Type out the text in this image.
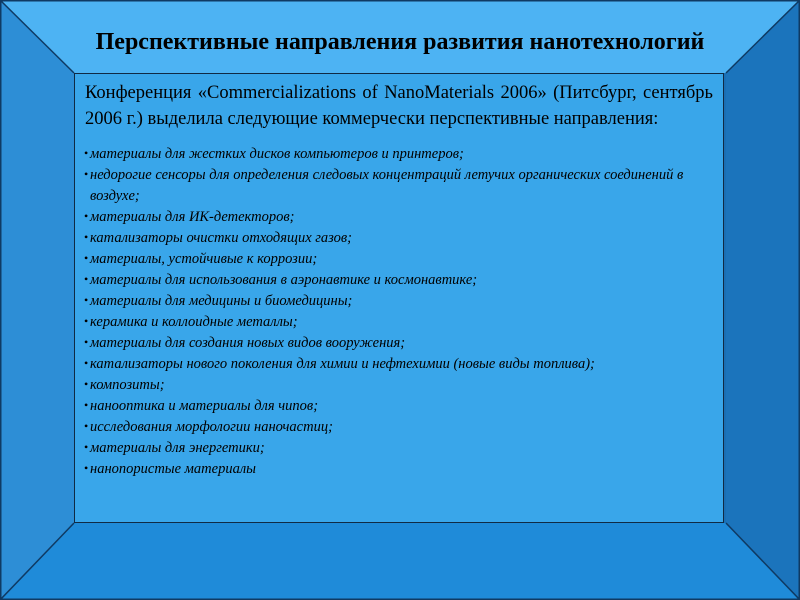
Перспективные направления развития нанотехнологий

Конференция «Commercializations of NanoMaterials 2006» (Питсбург, сентябрь 2006 г.) выделила следующие коммерчески перспективные направления:

• материалы для жестких дисков компьютеров и принтеров;
• недорогие сенсоры для определения следовых концентраций летучих органических соединений в воздухе;
• материалы для ИК-детекторов;
• катализаторы очистки отходящих газов;
• материалы, устойчивые к коррозии;
• материалы для использования в аэронавтике и космонавтике;
• материалы для медицины и биомедицины;
• керамика и коллоидные металлы;
• материалы для создания новых видов вооружения;
• катализаторы нового поколения для химии и нефтехимии (новые виды топлива);
• композиты;
• нанооптика и материалы для чипов;
• исследования морфологии наночастиц;
• материалы для энергетики;
• нанопористые материалы
